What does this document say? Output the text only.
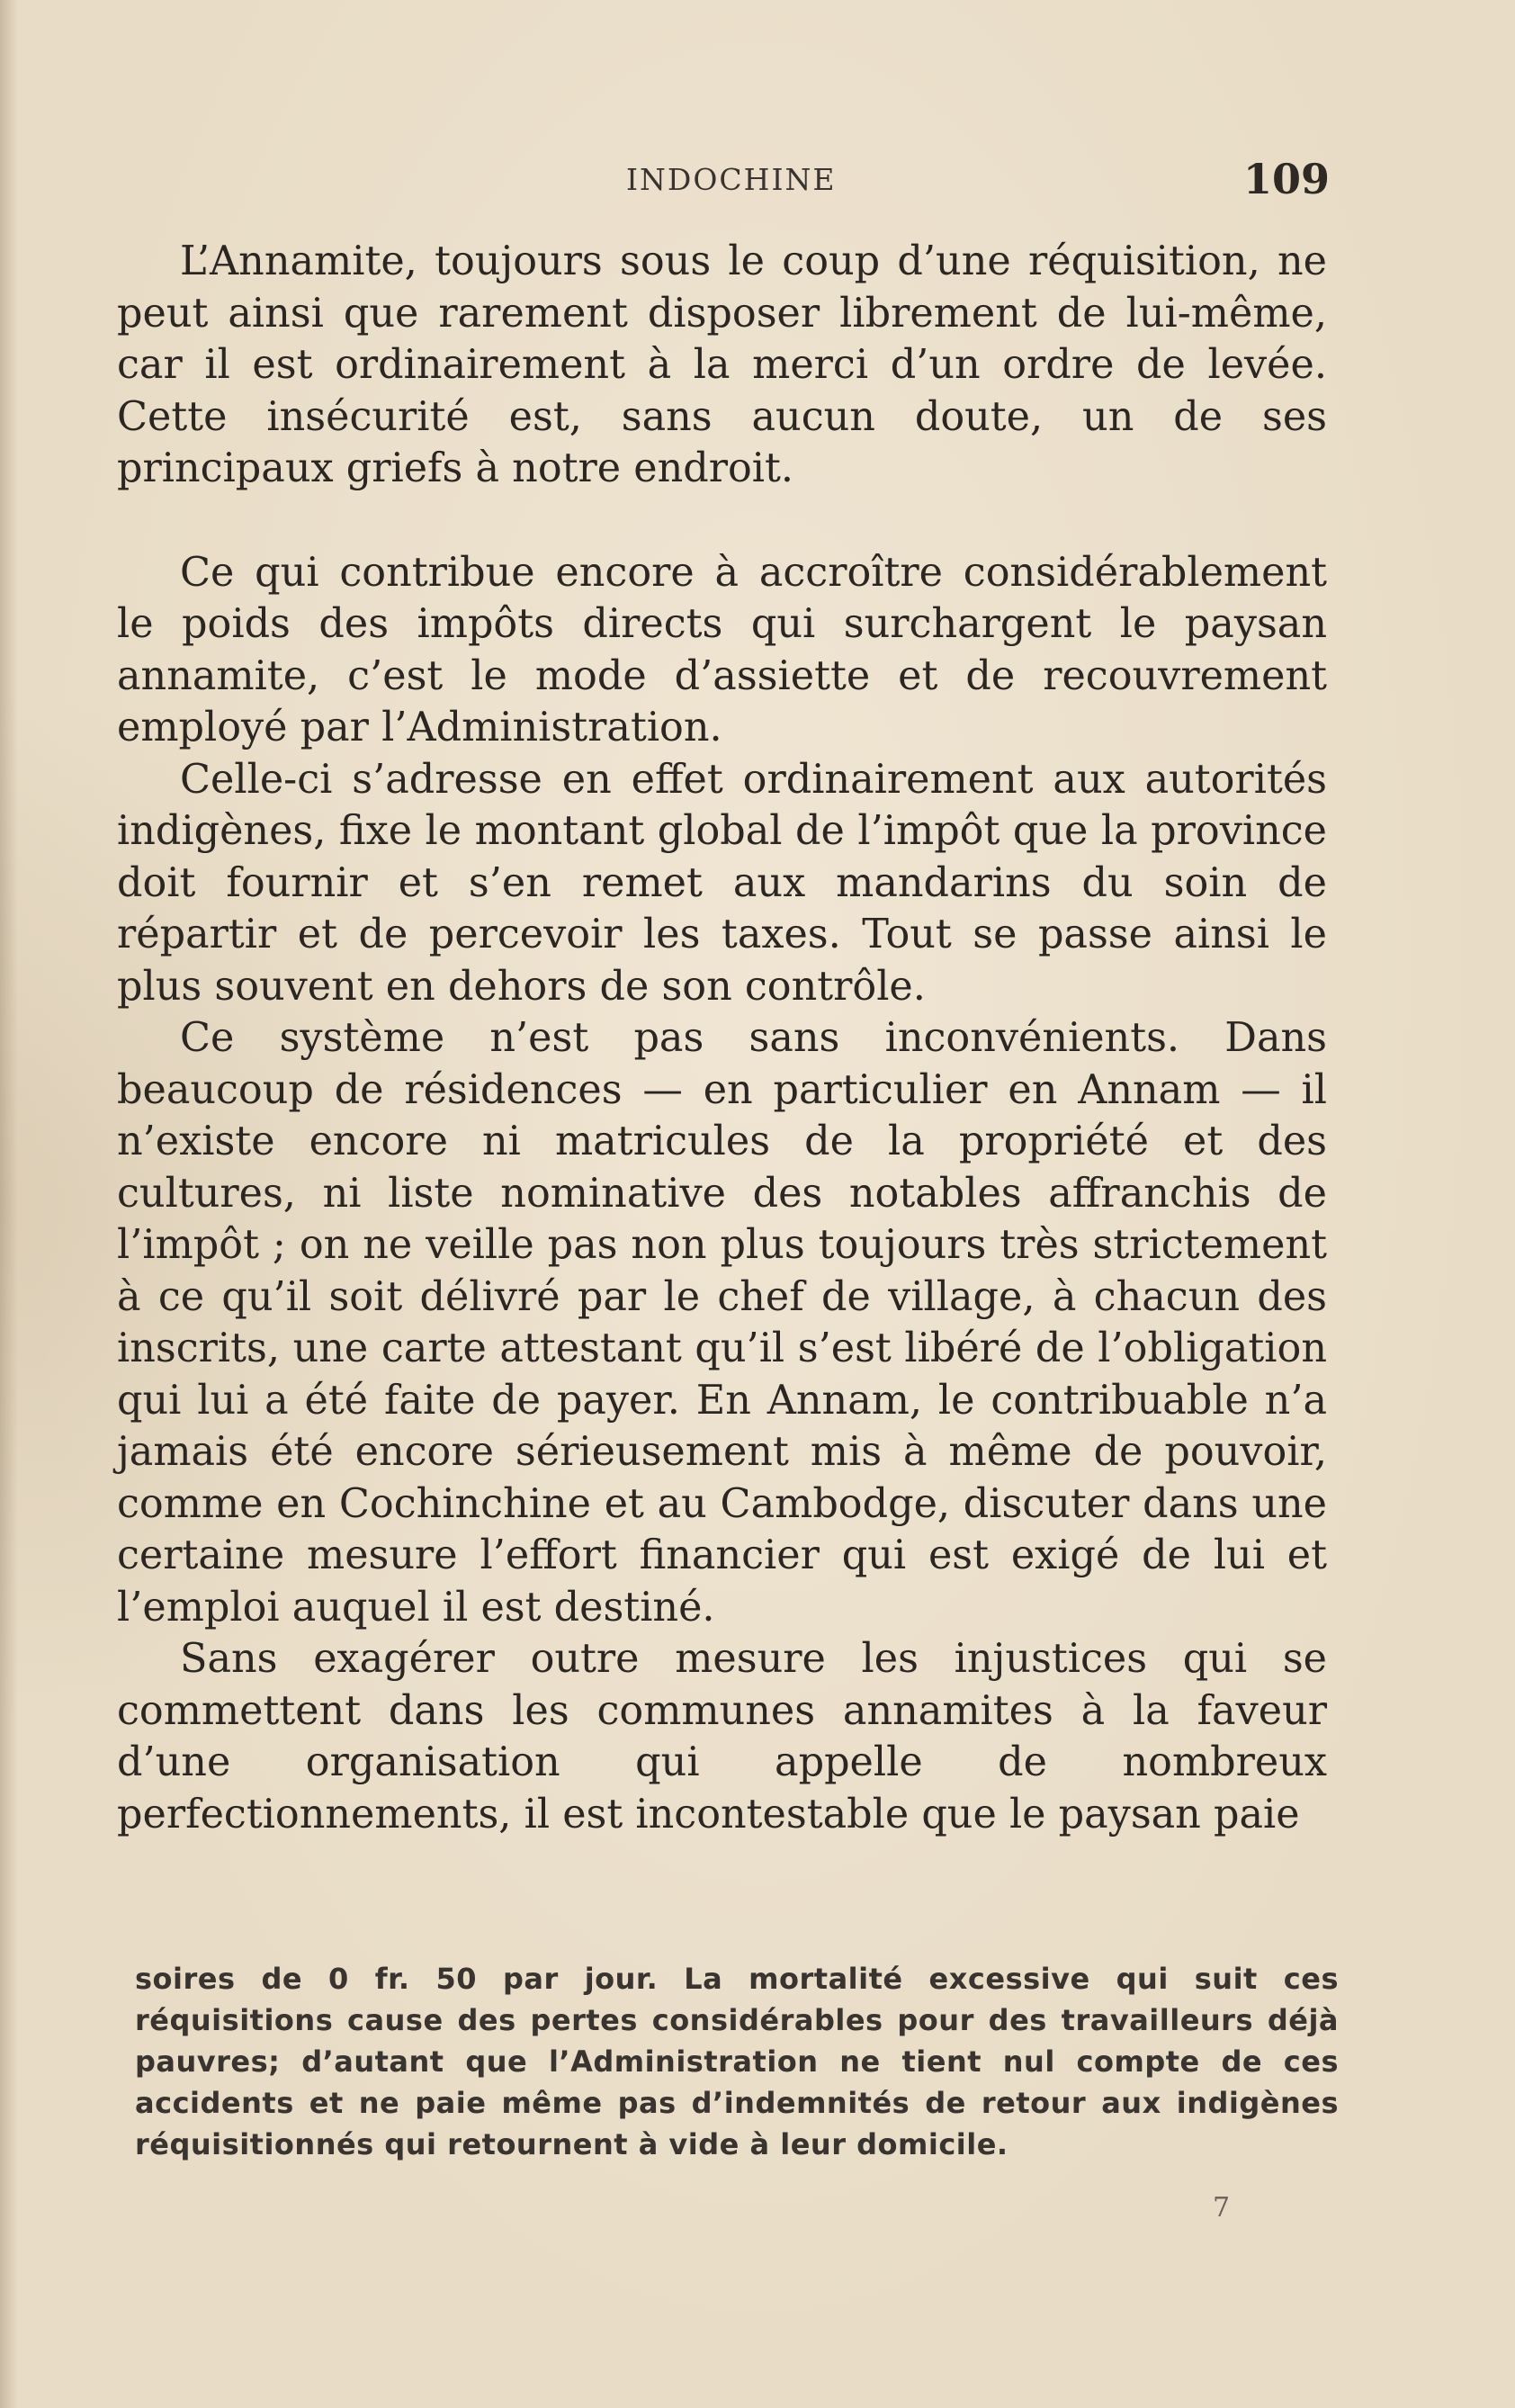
INDOCHINE	109

L’Annamite, toujours sous le coup d’une réquisition, ne peut ainsi que rarement disposer librement de lui-même, car il est ordinairement à la merci d’un ordre de levée. Cette insécurité est, sans aucun doute, un de ses principaux griefs à notre endroit.

Ce qui contribue encore à accroître considérablement le poids des impôts directs qui surchargent le paysan annamite, c’est le mode d’assiette et de recouvrement employé par l’Administration.

Celle-ci s’adresse en effet ordinairement aux autorités indigènes, fixe le montant global de l’impôt que la province doit fournir et s’en remet aux mandarins du soin de répartir et de percevoir les taxes. Tout se passe ainsi le plus souvent en dehors de son contrôle.

Ce système n’est pas sans inconvénients. Dans beaucoup de résidences — en particulier en Annam — il n’existe encore ni matricules de la propriété et des cultures, ni liste nominative des notables affranchis de l’impôt ; on ne veille pas non plus toujours très strictement à ce qu’il soit délivré par le chef de village, à chacun des inscrits, une carte attestant qu’il s’est libéré de l’obligation qui lui a été faite de payer. En Annam, le contribuable n’a jamais été encore sérieusement mis à même de pouvoir, comme en Cochinchine et au Cambodge, discuter dans une certaine mesure l’effort financier qui est exigé de lui et l’emploi auquel il est destiné.

Sans exagérer outre mesure les injustices qui se commettent dans les communes annamites à la faveur d’une organisation qui appelle de nombreux perfectionnements, il est incontestable que le paysan paie

soires de 0 fr. 50 par jour. La mortalité excessive qui suit ces réquisitions cause des pertes considérables pour des travailleurs déjà pauvres; d’autant que l’Administration ne tient nul compte de ces accidents et ne paie même pas d’indemnités de retour aux indigènes réquisitionnés qui retournent à vide à leur domicile.

7
